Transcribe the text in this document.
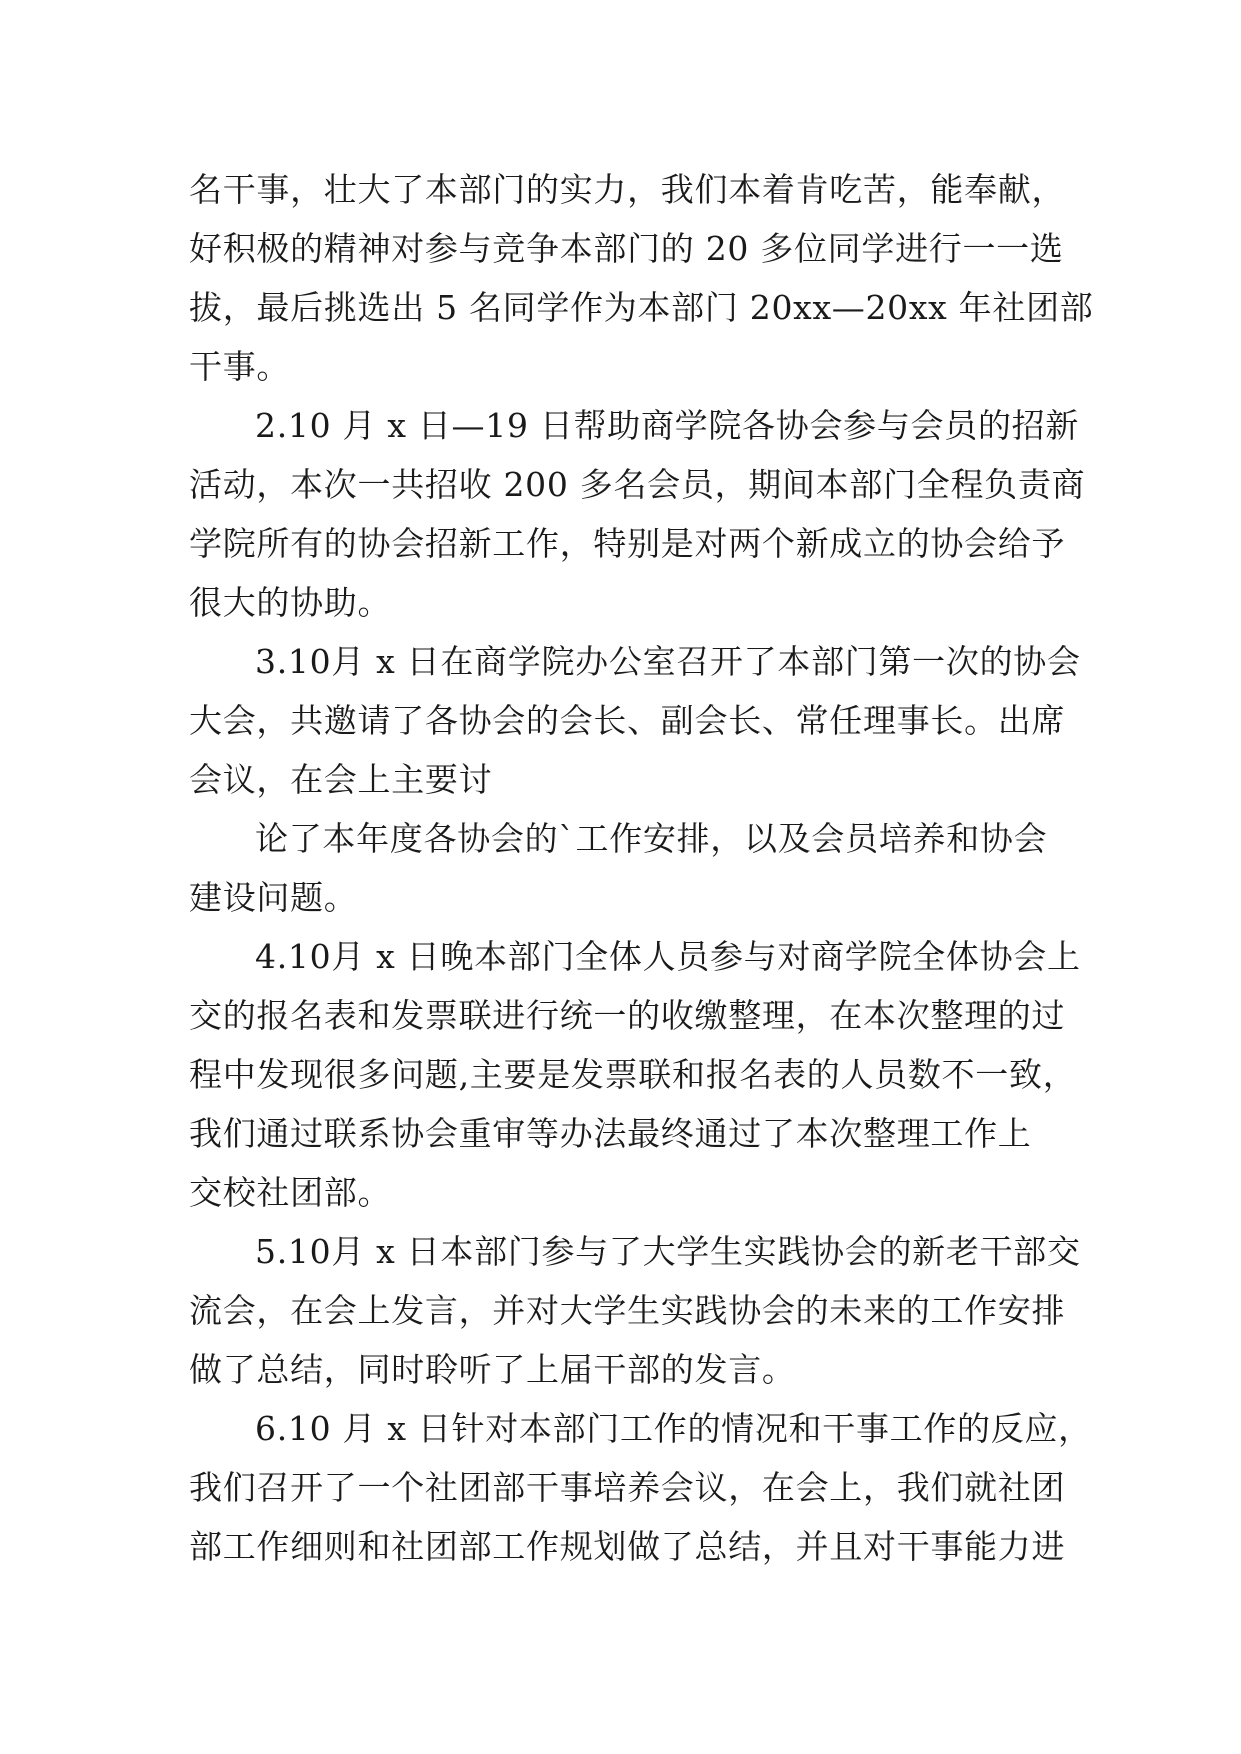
名干事，壮大了本部门的实力，我们本着肯吃苦，能奉献，
好积极的精神对参与竞争本部门的 20 多位同学进行一一选
拔，最后挑选出 5 名同学作为本部门 20xx—20xx 年社团部
干事。
2.10 月 x 日—19 日帮助商学院各协会参与会员的招新
活动，本次一共招收 200 多名会员，期间本部门全程负责商
学院所有的协会招新工作，特别是对两个新成立的协会给予
很大的协助。
3.10月 x 日在商学院办公室召开了本部门第一次的协会
大会，共邀请了各协会的会长、副会长、常任理事长。出席
会议，在会上主要讨
论了本年度各协会的`工作安排，以及会员培养和协会
建设问题。
4.10月 x 日晚本部门全体人员参与对商学院全体协会上
交的报名表和发票联进行统一的收缴整理，在本次整理的过
程中发现很多问题,主要是发票联和报名表的人员数不一致，
我们通过联系协会重审等办法最终通过了本次整理工作上
交校社团部。
5.10月 x 日本部门参与了大学生实践协会的新老干部交
流会，在会上发言，并对大学生实践协会的未来的工作安排
做了总结，同时聆听了上届干部的发言。
6.10 月 x 日针对本部门工作的情况和干事工作的反应，
我们召开了一个社团部干事培养会议，在会上，我们就社团
部工作细则和社团部工作规划做了总结，并且对干事能力进
